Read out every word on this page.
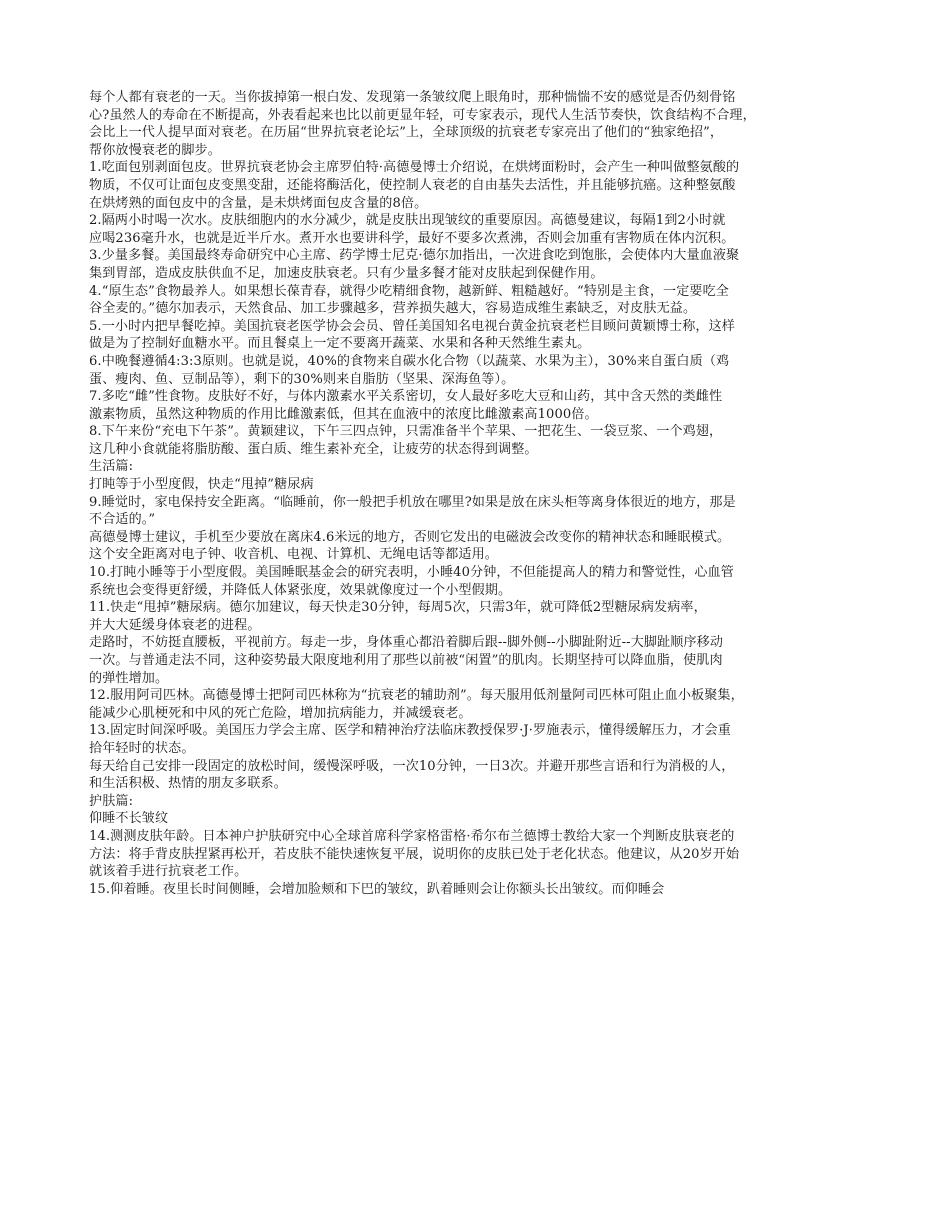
每个人都有衰老的一天。当你拔掉第一根白发、发现第一条皱纹爬上眼角时，那种惴惴不安的感觉是否仍刻骨铭
心?虽然人的寿命在不断提高，外表看起来也比以前更显年轻，可专家表示，现代人生活节奏快，饮食结构不合理，
会比上一代人提早面对衰老。在历届“世界抗衰老论坛”上，全球顶级的抗衰老专家亮出了他们的“独家绝招”，
帮你放慢衰老的脚步。
1.吃面包别剥面包皮。世界抗衰老协会主席罗伯特·高德曼博士介绍说，在烘烤面粉时，会产生一种叫做整氨酸的
物质，不仅可让面包皮变黑变甜，还能将酶活化，使控制人衰老的自由基失去活性，并且能够抗癌。这种整氨酸
在烘烤熟的面包皮中的含量，是未烘烤面包皮含量的8倍。
2.隔两小时喝一次水。皮肤细胞内的水分减少，就是皮肤出现皱纹的重要原因。高德曼建议，每隔1到2小时就
应喝236毫升水，也就是近半斤水。煮开水也要讲科学，最好不要多次煮沸，否则会加重有害物质在体内沉积。
3.少量多餐。美国最终寿命研究中心主席、药学博士尼克·德尔加指出，一次进食吃到饱胀，会使体内大量血液聚
集到胃部，造成皮肤供血不足，加速皮肤衰老。只有少量多餐才能对皮肤起到保健作用。
4.“原生态”食物最养人。如果想长葆青春，就得少吃精细食物，越新鲜、粗糙越好。“特别是主食，一定要吃全
谷全麦的。”德尔加表示，天然食品、加工步骤越多，营养损失越大，容易造成维生素缺乏，对皮肤无益。
5.一小时内把早餐吃掉。美国抗衰老医学协会会员、曾任美国知名电视台黄金抗衰老栏目顾问黄颖博士称，这样
做是为了控制好血糖水平。而且餐桌上一定不要离开蔬菜、水果和各种天然维生素丸。
6.中晚餐遵循4:3:3原则。也就是说，40%的食物来自碳水化合物（以蔬菜、水果为主），30%来自蛋白质（鸡
蛋、瘦肉、鱼、豆制品等），剩下的30%则来自脂肪（坚果、深海鱼等）。
7.多吃“雌”性食物。皮肤好不好，与体内激素水平关系密切，女人最好多吃大豆和山药，其中含天然的类雌性
激素物质，虽然这种物质的作用比雌激素低，但其在血液中的浓度比雌激素高1000倍。
8.下午来份“充电下午茶”。黄颖建议，下午三四点钟，只需准备半个苹果、一把花生、一袋豆浆、一个鸡翅，
这几种小食就能将脂肪酸、蛋白质、维生素补充全，让疲劳的状态得到调整。
生活篇:
打盹等于小型度假，快走“甩掉”糖尿病
9.睡觉时，家电保持安全距离。“临睡前，你一般把手机放在哪里?如果是放在床头柜等离身体很近的地方，那是
不合适的。”
高德曼博士建议，手机至少要放在离床4.6米远的地方，否则它发出的电磁波会改变你的精神状态和睡眠模式。
这个安全距离对电子钟、收音机、电视、计算机、无绳电话等都适用。
10.打盹小睡等于小型度假。美国睡眠基金会的研究表明，小睡40分钟，不但能提高人的精力和警觉性，心血管
系统也会变得更舒缓，并降低人体紧张度，效果就像度过一个小型假期。
11.快走“甩掉”糖尿病。德尔加建议，每天快走30分钟，每周5次，只需3年，就可降低2型糖尿病发病率，
并大大延缓身体衰老的进程。
走路时，不妨挺直腰板，平视前方。每走一步，身体重心都沿着脚后跟--脚外侧--小脚趾附近--大脚趾顺序移动
一次。与普通走法不同，这种姿势最大限度地利用了那些以前被“闲置”的肌肉。长期坚持可以降血脂，使肌肉
的弹性增加。
12.服用阿司匹林。高德曼博士把阿司匹林称为“抗衰老的辅助剂”。每天服用低剂量阿司匹林可阻止血小板聚集，
能减少心肌梗死和中风的死亡危险，增加抗病能力，并减缓衰老。
13.固定时间深呼吸。美国压力学会主席、医学和精神治疗法临床教授保罗·J·罗施表示，懂得缓解压力，才会重
拾年轻时的状态。
每天给自己安排一段固定的放松时间，缓慢深呼吸，一次10分钟，一日3次。并避开那些言语和行为消极的人，
和生活积极、热情的朋友多联系。
护肤篇:
仰睡不长皱纹
14.测测皮肤年龄。日本神户护肤研究中心全球首席科学家格雷格·希尔布兰德博士教给大家一个判断皮肤衰老的
方法：将手背皮肤捏紧再松开，若皮肤不能快速恢复平展，说明你的皮肤已处于老化状态。他建议，从20岁开始
就该着手进行抗衰老工作。
15.仰着睡。夜里长时间侧睡，会增加脸颊和下巴的皱纹，趴着睡则会让你额头长出皱纹。而仰睡会
